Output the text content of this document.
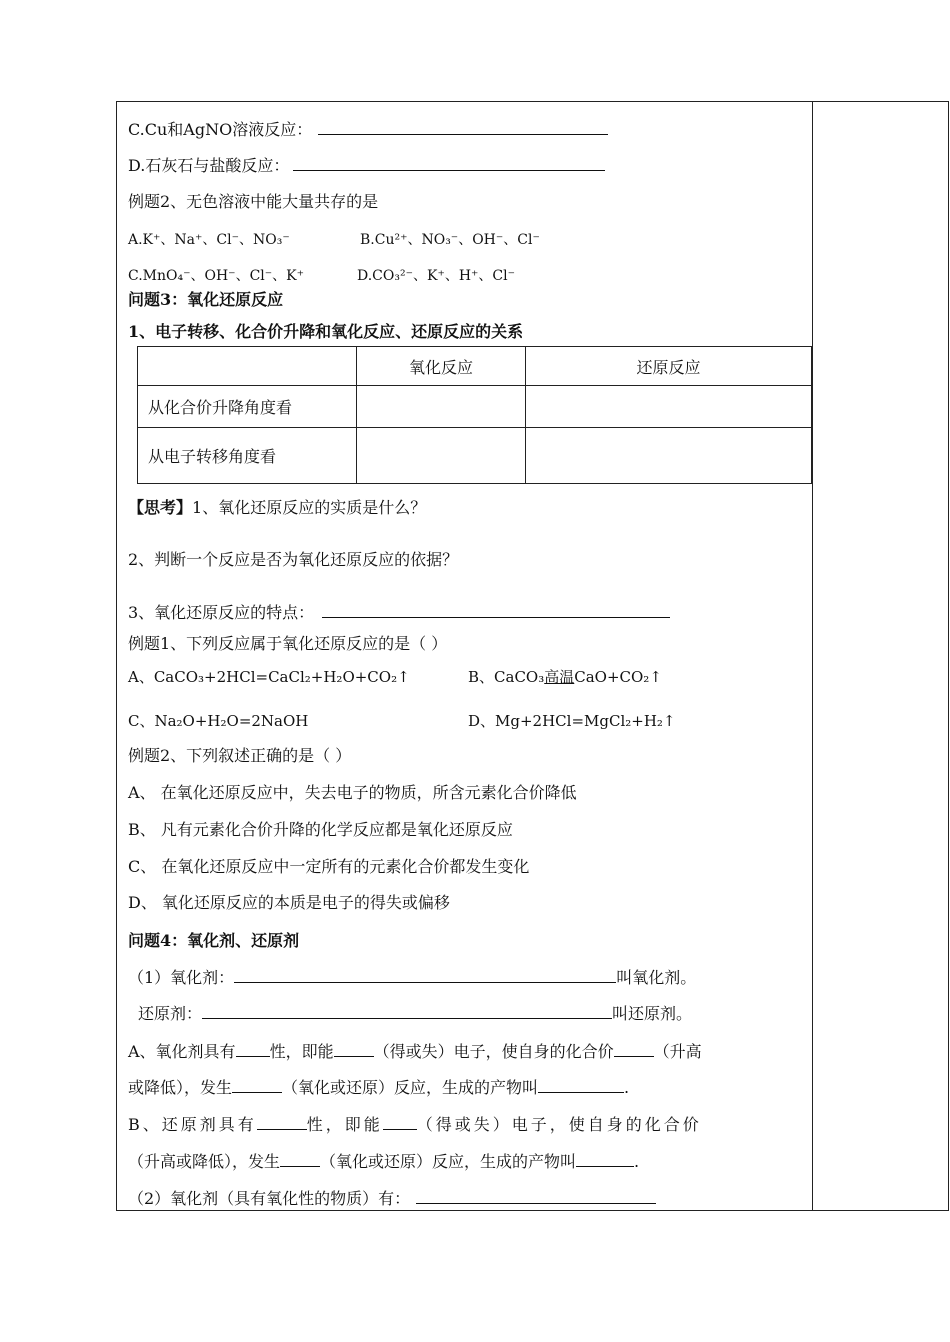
C.Cu和AgNO溶液反应：
D.石灰石与盐酸反应：
例题2、无色溶液中能大量共存的是
A.K⁺、Na⁺、Cl⁻、NO₃⁻	B.Cu²⁺、NO₃⁻、OH⁻、Cl⁻
C.MnO₄⁻、OH⁻、Cl⁻、K⁺	D.CO₃²⁻、K⁺、H⁺、Cl⁻
问题3：氧化还原反应
1、电子转移、化合价升降和氧化反应、还原反应的关系
	氧化反应	还原反应
从化合价升降角度看		
从电子转移角度看		
【思考】1、氧化还原反应的实质是什么？
2、判断一个反应是否为氧化还原反应的依据？
3、氧化还原反应的特点：
例题1、下列反应属于氧化还原反应的是（ ）
A、CaCO₃+2HCl=CaCl₂+H₂O+CO₂↑	B、CaCO₃高温CaO+CO₂↑
C、Na₂O+H₂O=2NaOH	D、Mg+2HCl=MgCl₂+H₂↑
例题2、下列叙述正确的是（ ）
A、 在氧化还原反应中，失去电子的物质，所含元素化合价降低
B、 凡有元素化合价升降的化学反应都是氧化还原反应
C、 在氧化还原反应中一定所有的元素化合价都发生变化
D、 氧化还原反应的本质是电子的得失或偏移
问题4：氧化剂、还原剂
（1）氧化剂：	叫氧化剂。
还原剂：	叫还原剂。
A、氧化剂具有 性，即能	（得或失）电子，使自身的化合价	（升高
或降低），发生	（氧化或还原）反应，生成的产物叫	.
B、还原剂具有	性，即能 （得或失）电子，使自身的化合价
（升高或降低），发生	（氧化或还原）反应，生成的产物叫	.
（2）氧化剂（具有氧化性的物质）有：
